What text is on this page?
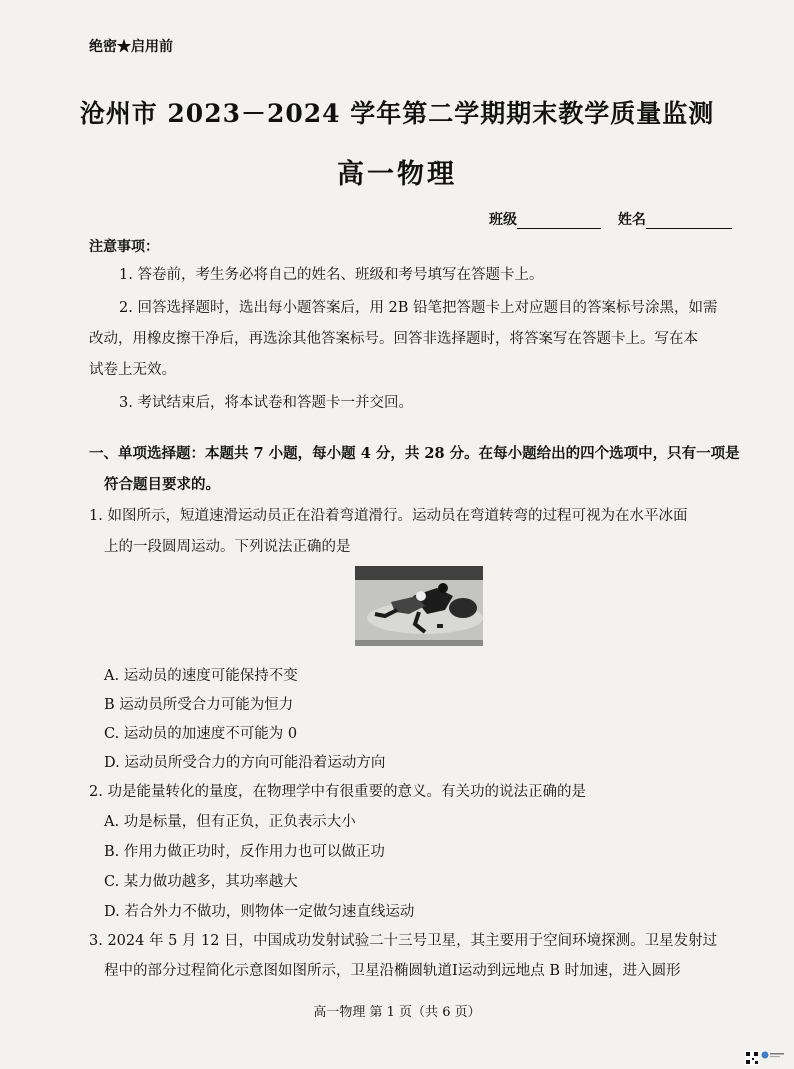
绝密★启用前
沧州市 2023－2024 学年第二学期期末教学质量监测
高一物理
班级	姓名
注意事项：
1. 答卷前，考生务必将自己的姓名、班级和考号填写在答题卡上。
2. 回答选择题时，选出每小题答案后，用 2B 铅笔把答题卡上对应题目的答案标号涂黑，如需
改动，用橡皮擦干净后，再选涂其他答案标号。回答非选择题时，将答案写在答题卡上。写在本
试卷上无效。
3. 考试结束后，将本试卷和答题卡一并交回。
一、单项选择题：本题共 7 小题，每小题 4 分，共 28 分。在每小题给出的四个选项中，只有一项是
符合题目要求的。
1. 如图所示，短道速滑运动员正在沿着弯道滑行。运动员在弯道转弯的过程可视为在水平冰面
上的一段圆周运动。下列说法正确的是
A. 运动员的速度可能保持不变
B 运动员所受合力可能为恒力
C. 运动员的加速度不可能为 0
D. 运动员所受合力的方向可能沿着运动方向
2. 功是能量转化的量度，在物理学中有很重要的意义。有关功的说法正确的是
A. 功是标量，但有正负，正负表示大小
B. 作用力做正功时，反作用力也可以做正功
C. 某力做功越多，其功率越大
D. 若合外力不做功，则物体一定做匀速直线运动
3. 2024 年 5 月 12 日，中国成功发射试验二十三号卫星，其主要用于空间环境探测。卫星发射过
程中的部分过程简化示意图如图所示，卫星沿椭圆轨道Ⅰ运动到远地点 B 时加速，进入圆形
高一物理 第 1 页（共 6 页）
